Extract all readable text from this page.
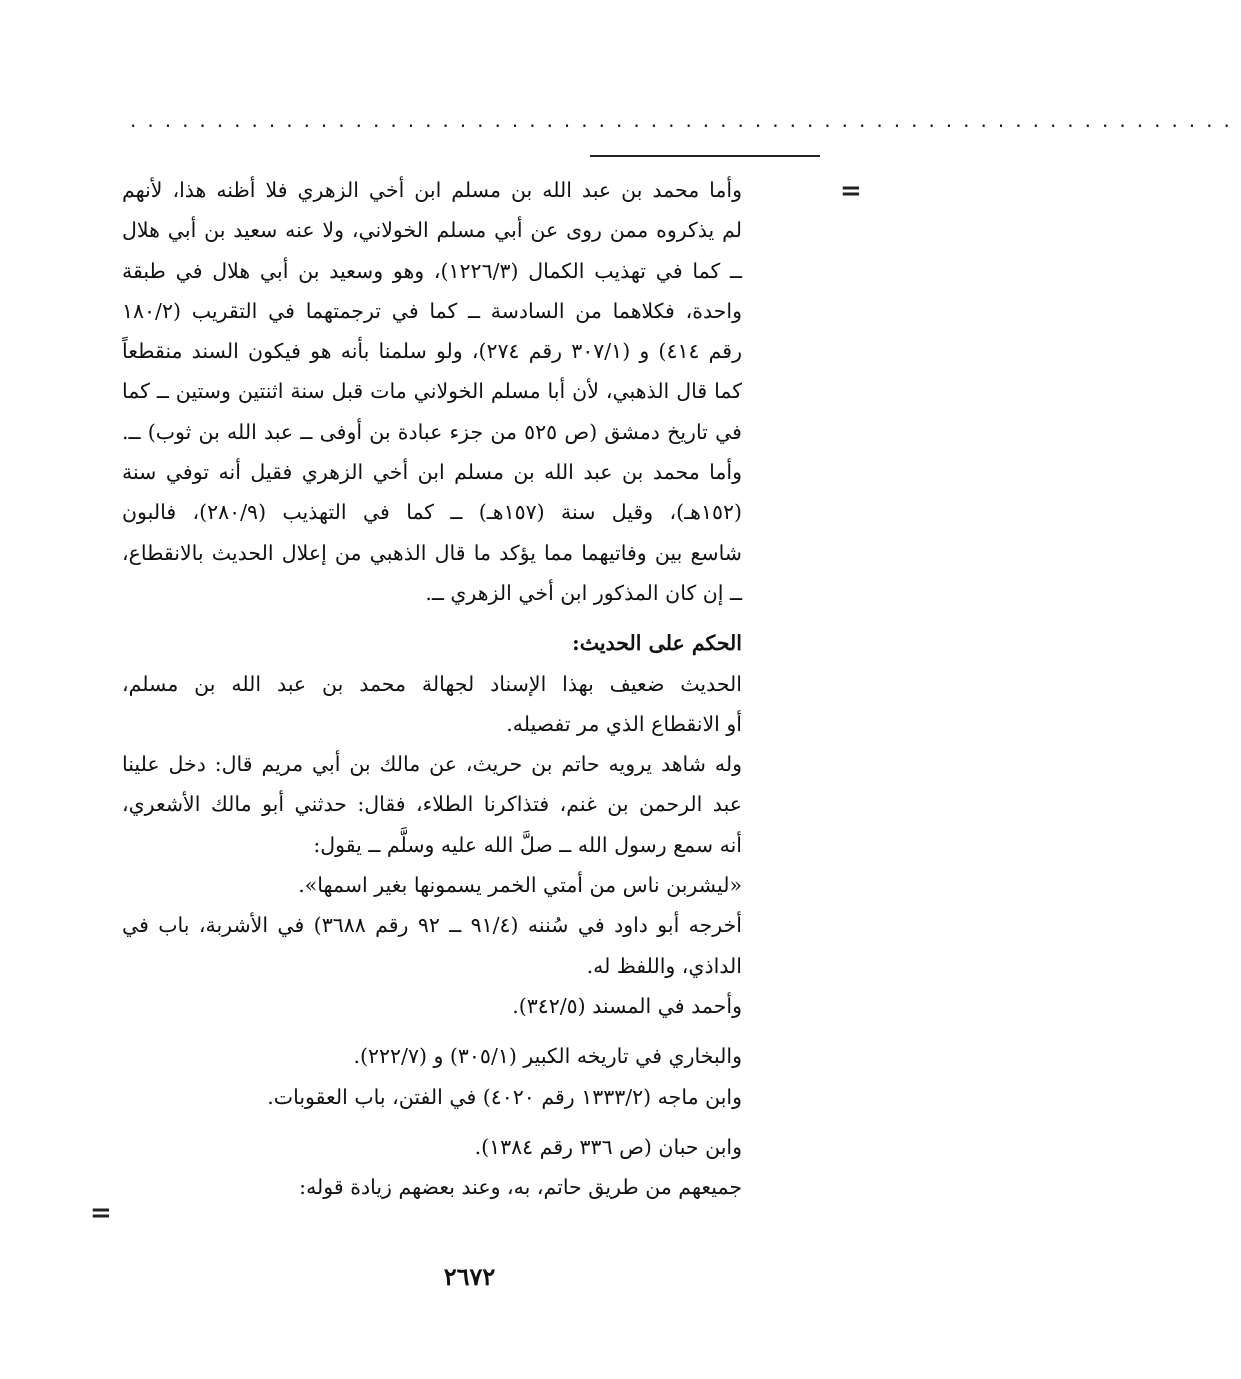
................................................................
=
=
وأما محمد بن عبد الله بن مسلم ابن أخي الزهري فلا أظنه هذا، لأنهم
لم يذكروه ممن روى عن أبي مسلم الخولاني، ولا عنه سعيد بن أبي هلال
ــ كما في تهذيب الكمال (١٢٢٦/٣)، وهو وسعيد بن أبي هلال في طبقة
واحدة، فكلاهما من السادسة ــ كما في ترجمتهما في التقريب (١٨٠/٢
رقم ٤١٤) و (٣٠٧/١ رقم ٢٧٤)، ولو سلمنا بأنه هو فيكون السند منقطعاً
كما قال الذهبي، لأن أبا مسلم الخولاني مات قبل سنة اثنتين وستين ــ كما
في تاريخ دمشق (ص ٥٢٥ من جزء عبادة بن أوفى ــ عبد الله بن ثوب) ــ.
وأما محمد بن عبد الله بن مسلم ابن أخي الزهري فقيل أنه توفي سنة
(١٥٢هـ)، وقيل سنة (١٥٧هـ) ــ كما في التهذيب (٢٨٠/٩)، فالبون
شاسع بين وفاتيهما مما يؤكد ما قال الذهبي من إعلال الحديث بالانقطاع،
ــ إن كان المذكور ابن أخي الزهري ــ.
الحكم على الحديث:
الحديث ضعيف بهذا الإسناد لجهالة محمد بن عبد الله بن مسلم،
أو الانقطاع الذي مر تفصيله.
وله شاهد يرويه حاتم بن حريث، عن مالك بن أبي مريم قال: دخل علينا
عبد الرحمن بن غنم، فتذاكرنا الطلاء، فقال: حدثني أبو مالك الأشعري،
أنه سمع رسول الله ــ صلَّ الله عليه وسلَّم ــ يقول:
«ليشربن ناس من أمتي الخمر يسمونها بغير اسمها».
أخرجه أبو داود في سُننه (٩١/٤ ــ ٩٢ رقم ٣٦٨٨) في الأشربة، باب في
الداذي، واللفظ له.
وأحمد في المسند (٣٤٢/٥).
والبخاري في تاريخه الكبير (٣٠٥/١) و (٢٢٢/٧).
وابن ماجه (١٣٣٣/٢ رقم ٤٠٢٠) في الفتن، باب العقوبات.
وابن حبان (ص ٣٣٦ رقم ١٣٨٤).
جميعهم من طريق حاتم، به، وعند بعضهم زيادة قوله:
٢٦٧٢
